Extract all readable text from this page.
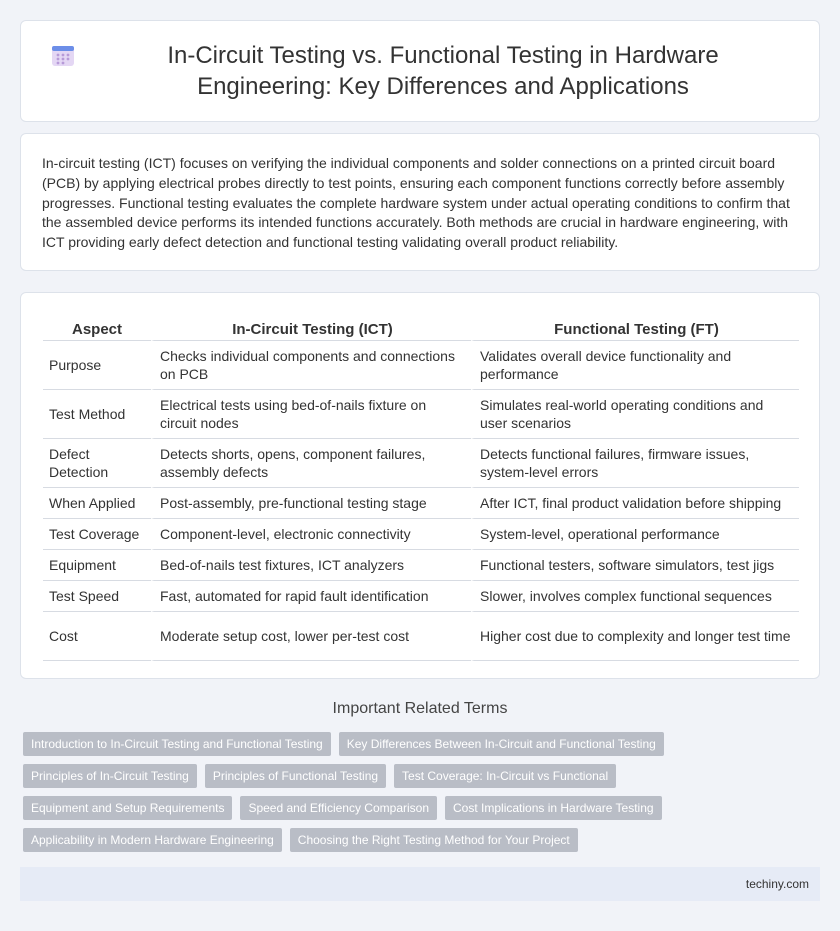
In-Circuit Testing vs. Functional Testing in Hardware Engineering: Key Differences and Applications

In-circuit testing (ICT) focuses on verifying the individual components and solder connections on a printed circuit board (PCB) by applying electrical probes directly to test points, ensuring each component functions correctly before assembly progresses. Functional testing evaluates the complete hardware system under actual operating conditions to confirm that the assembled device performs its intended functions accurately. Both methods are crucial in hardware engineering, with ICT providing early defect detection and functional testing validating overall product reliability.

Aspect	In-Circuit Testing (ICT)	Functional Testing (FT)
Purpose	Checks individual components and connections on PCB	Validates overall device functionality and performance
Test Method	Electrical tests using bed-of-nails fixture on circuit nodes	Simulates real-world operating conditions and user scenarios
Defect Detection	Detects shorts, opens, component failures, assembly defects	Detects functional failures, firmware issues, system-level errors
When Applied	Post-assembly, pre-functional testing stage	After ICT, final product validation before shipping
Test Coverage	Component-level, electronic connectivity	System-level, operational performance
Equipment	Bed-of-nails test fixtures, ICT analyzers	Functional testers, software simulators, test jigs
Test Speed	Fast, automated for rapid fault identification	Slower, involves complex functional sequences
Cost	Moderate setup cost, lower per-test cost	Higher cost due to complexity and longer test time
Important Related Terms
Introduction to In-Circuit Testing and Functional Testing	Key Differences Between In-Circuit and Functional Testing
Principles of In-Circuit Testing	Principles of Functional Testing	Test Coverage: In-Circuit vs Functional
Equipment and Setup Requirements	Speed and Efficiency Comparison	Cost Implications in Hardware Testing
Applicability in Modern Hardware Engineering	Choosing the Right Testing Method for Your Project
techiny.com
